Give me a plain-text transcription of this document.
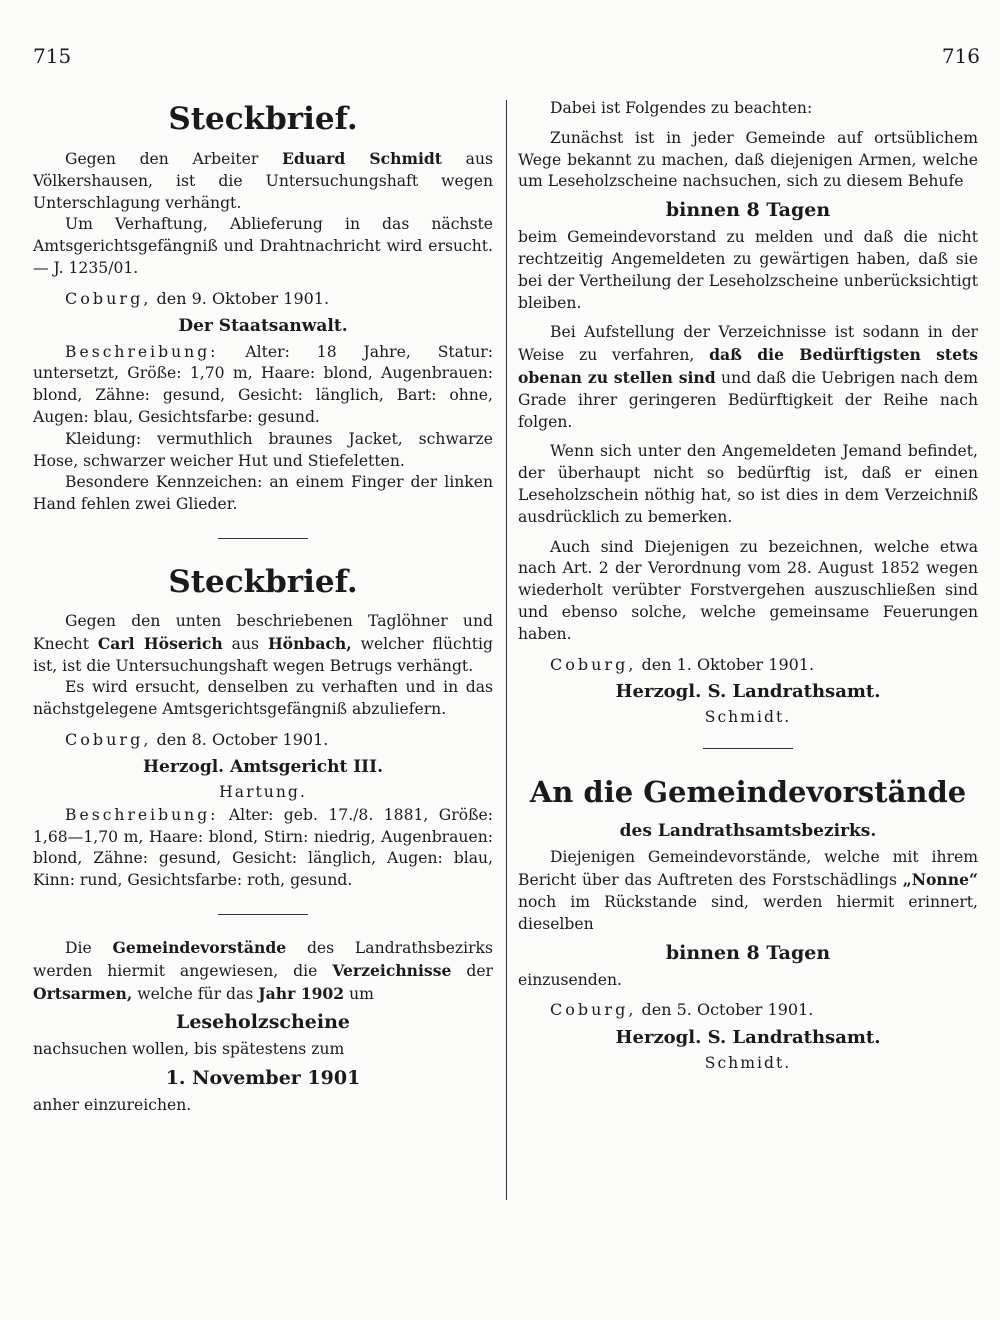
715	716
Steckbrief.

Gegen den Arbeiter Eduard Schmidt aus Völkershausen, ist die Untersuchungshaft wegen Unterschlagung verhängt.

Um Verhaftung, Ablieferung in das nächste Amtsgerichtsgefängniß und Drahtnachricht wird ersucht. — J. 1235/01.

Coburg, den 9. Oktober 1901.

Der Staatsanwalt.

Beschreibung: Alter: 18 Jahre, Statur: untersetzt, Größe: 1,70 m, Haare: blond, Augenbrauen: blond, Zähne: gesund, Gesicht: länglich, Bart: ohne, Augen: blau, Gesichtsfarbe: gesund.

Kleidung: vermuthlich braunes Jacket, schwarze Hose, schwarzer weicher Hut und Stiefeletten.

Besondere Kennzeichen: an einem Finger der linken Hand fehlen zwei Glieder.

Steckbrief.

Gegen den unten beschriebenen Taglöhner und Knecht Carl Höserich aus Hönbach, welcher flüchtig ist, ist die Untersuchungshaft wegen Betrugs verhängt.

Es wird ersucht, denselben zu verhaften und in das nächstgelegene Amtsgerichtsgefängniß abzuliefern.

Coburg, den 8. October 1901.

Herzogl. Amtsgericht III.
Hartung.

Beschreibung: Alter: geb. 17./8. 1881, Größe: 1,68—1,70 m, Haare: blond, Stirn: niedrig, Augenbrauen: blond, Zähne: gesund, Gesicht: länglich, Augen: blau, Kinn: rund, Gesichtsfarbe: roth, gesund.

Die Gemeindevorstände des Landrathsbezirks werden hiermit angewiesen, die Verzeichnisse der Ortsarmen, welche für das Jahr 1902 um

Leseholzscheine

nachsuchen wollen, bis spätestens zum

1. November 1901

anher einzureichen.

Dabei ist Folgendes zu beachten:

Zunächst ist in jeder Gemeinde auf ortsüblichem Wege bekannt zu machen, daß diejenigen Armen, welche um Leseholzscheine nachsuchen, sich zu diesem Behufe

binnen 8 Tagen

beim Gemeindevorstand zu melden und daß die nicht rechtzeitig Angemeldeten zu gewärtigen haben, daß sie bei der Vertheilung der Leseholzscheine unberücksichtigt bleiben.

Bei Aufstellung der Verzeichnisse ist sodann in der Weise zu verfahren, daß die Bedürftigsten stets obenan zu stellen sind und daß die Uebrigen nach dem Grade ihrer geringeren Bedürftigkeit der Reihe nach folgen.

Wenn sich unter den Angemeldeten Jemand befindet, der überhaupt nicht so bedürftig ist, daß er einen Leseholzschein nöthig hat, so ist dies in dem Verzeichniß ausdrücklich zu bemerken.

Auch sind Diejenigen zu bezeichnen, welche etwa nach Art. 2 der Verordnung vom 28. August 1852 wegen wiederholt verübter Forstvergehen auszuschließen sind und ebenso solche, welche gemeinsame Feuerungen haben.

Coburg, den 1. Oktober 1901.

Herzogl. S. Landrathsamt.
Schmidt.
An die Gemeindevorstände
des Landrathsamtsbezirks.

Diejenigen Gemeindevorstände, welche mit ihrem Bericht über das Auftreten des Forstschädlings „Nonne“ noch im Rückstande sind, werden hiermit erinnert, dieselben

binnen 8 Tagen

einzusenden.

Coburg, den 5. October 1901.

Herzogl. S. Landrathsamt.
Schmidt.
